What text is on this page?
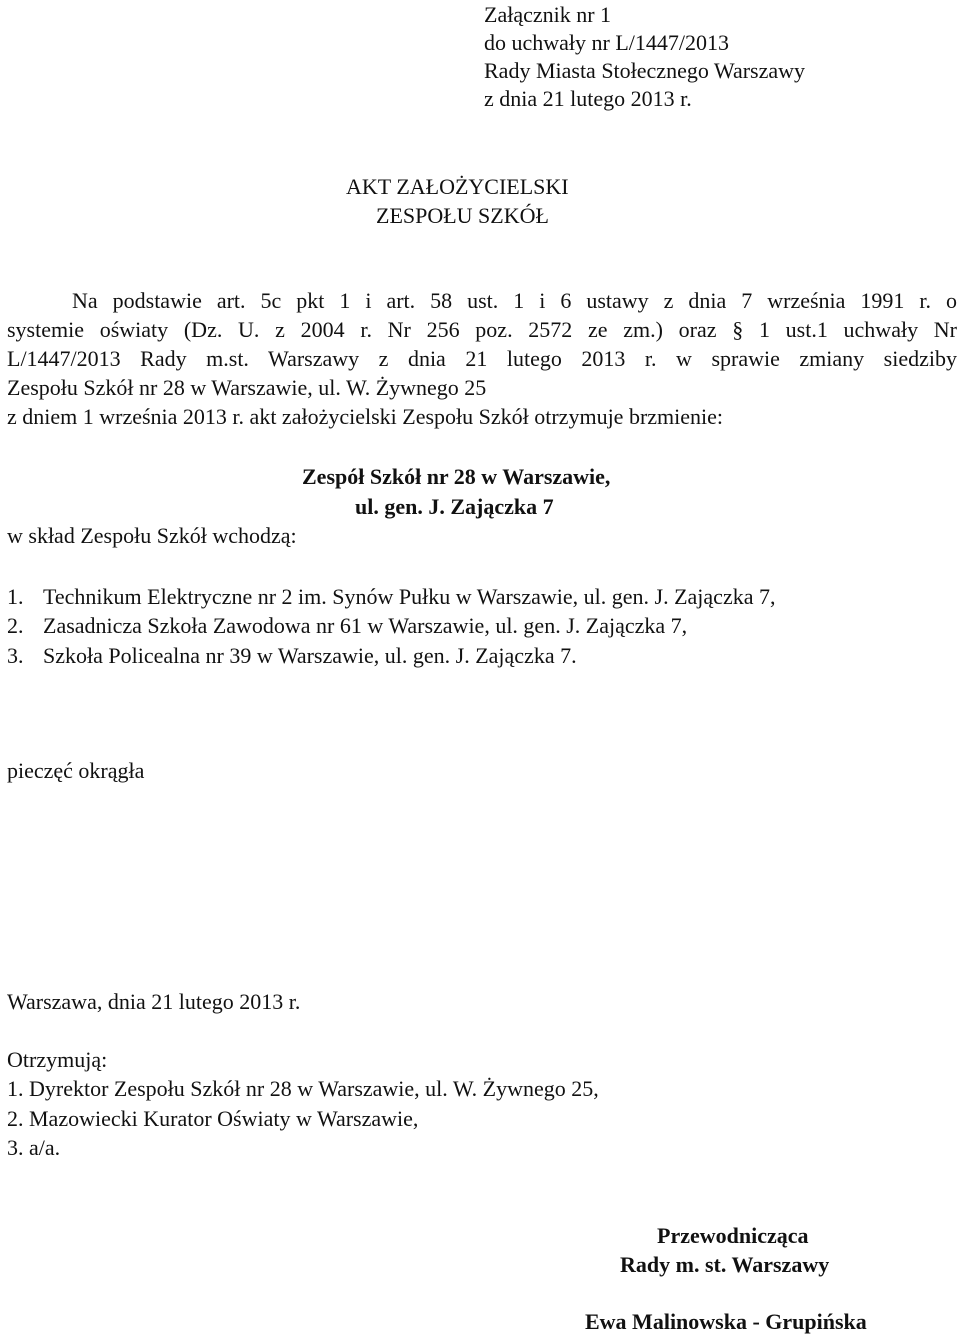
Załącznik nr 1
do uchwały nr L/1447/2013
Rady Miasta Stołecznego Warszawy
z dnia 21 lutego 2013 r.
AKT ZAŁOŻYCIELSKI
ZESPOŁU SZKÓŁ
Na podstawie art. 5c pkt 1 i art. 58 ust. 1 i 6 ustawy z dnia 7 września 1991 r. o
systemie oświaty (Dz. U. z 2004 r. Nr 256 poz. 2572 ze zm.) oraz § 1 ust.1 uchwały Nr
L/1447/2013 Rady m.st. Warszawy z dnia 21 lutego 2013 r. w sprawie zmiany siedziby
Zespołu Szkół nr 28 w Warszawie, ul. W. Żywnego 25
z dniem 1 września 2013 r. akt założycielski Zespołu Szkół otrzymuje brzmienie:
Zespół Szkół nr 28 w Warszawie,
ul. gen. J. Zajączka 7
w skład Zespołu Szkół wchodzą:
1. Technikum Elektryczne nr 2 im. Synów Pułku w Warszawie, ul. gen. J. Zajączka 7,
2. Zasadnicza Szkoła Zawodowa nr 61 w Warszawie, ul. gen. J. Zajączka 7,
3. Szkoła Policealna nr 39 w Warszawie, ul. gen. J. Zajączka 7.
pieczęć okrągła
Warszawa, dnia 21 lutego 2013 r.
Otrzymują:
1. Dyrektor Zespołu Szkół nr 28 w Warszawie, ul. W. Żywnego 25,
2. Mazowiecki Kurator Oświaty w Warszawie,
3. a/a.
Przewodnicząca
Rady m. st. Warszawy
Ewa Malinowska - Grupińska
